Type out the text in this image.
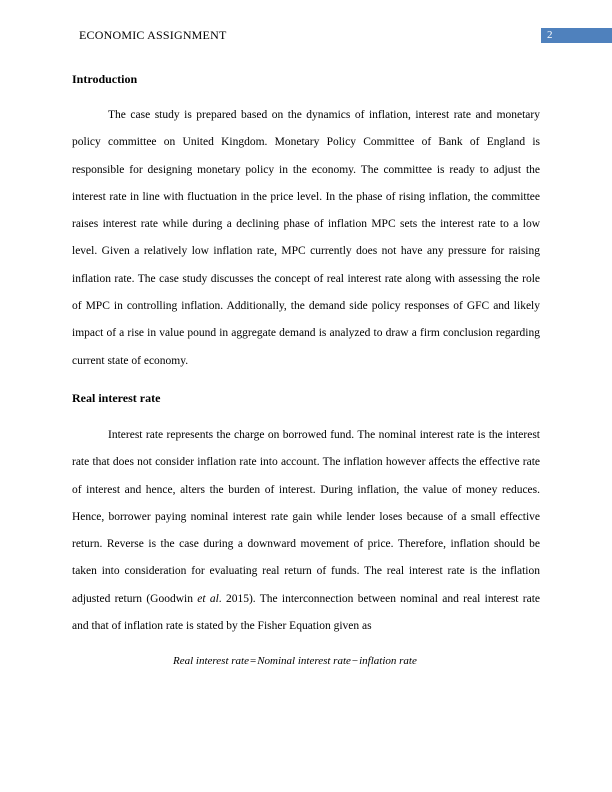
ECONOMIC ASSIGNMENT	2
Introduction

The case study is prepared based on the dynamics of inflation, interest rate and monetary policy committee on United Kingdom. Monetary Policy Committee of Bank of England is responsible for designing monetary policy in the economy. The committee is ready to adjust the interest rate in line with fluctuation in the price level. In the phase of rising inflation, the committee raises interest rate while during a declining phase of inflation MPC sets the interest rate to a low level. Given a relatively low inflation rate, MPC currently does not have any pressure for raising inflation rate. The case study discusses the concept of real interest rate along with assessing the role of MPC in controlling inflation. Additionally, the demand side policy responses of GFC and likely impact of a rise in value pound in aggregate demand is analyzed to draw a firm conclusion regarding current state of economy.

Real interest rate

Interest rate represents the charge on borrowed fund. The nominal interest rate is the interest rate that does not consider inflation rate into account. The inflation however affects the effective rate of interest and hence, alters the burden of interest. During inflation, the value of money reduces. Hence, borrower paying nominal interest rate gain while lender loses because of a small effective return. Reverse is the case during a downward movement of price. Therefore, inflation should be taken into consideration for evaluating real return of funds. The real interest rate is the inflation adjusted return (Goodwin et al. 2015). The interconnection between nominal and real interest rate and that of inflation rate is stated by the Fisher Equation given as

Real interest rate=Nominal interest rate−inflation rate
